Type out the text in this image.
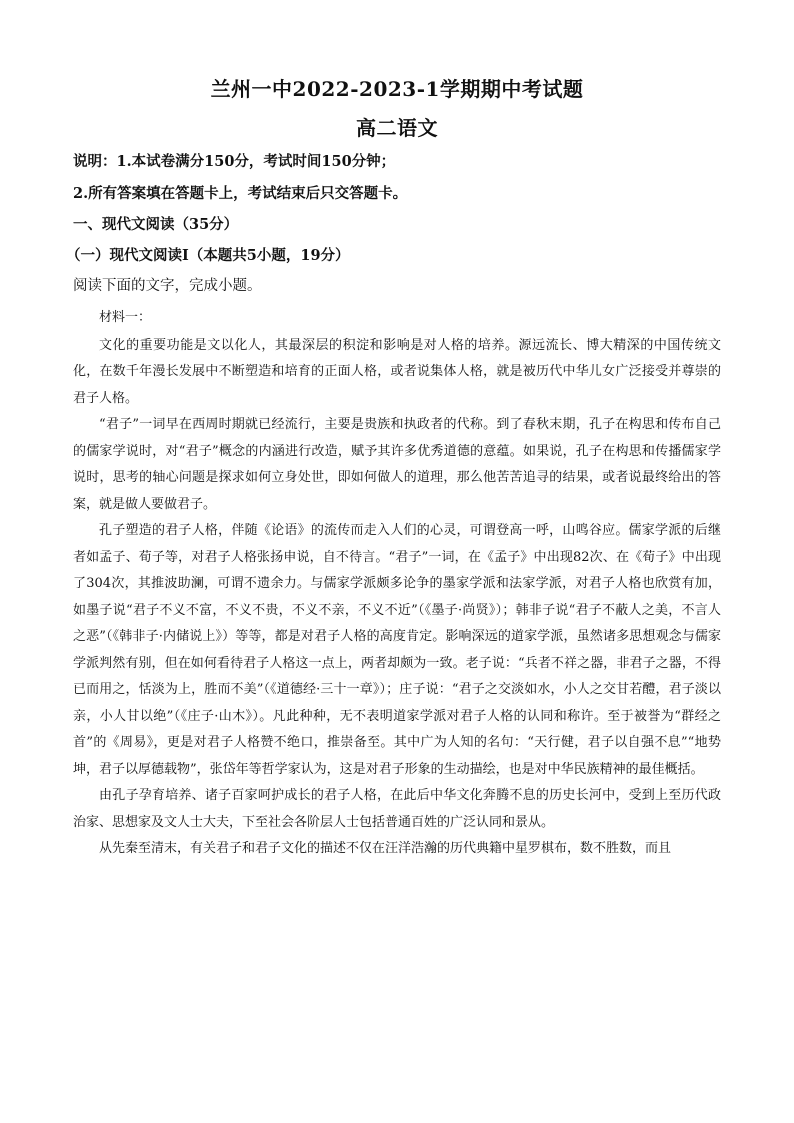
兰州一中2022-2023-1学期期中考试题
高二语文
说明：1.本试卷满分150分，考试时间150分钟；
2.所有答案填在答题卡上，考试结束后只交答题卡。
一、现代文阅读（35分）
（一）现代文阅读Ⅰ（本题共5小题，19分）
阅读下面的文字，完成小题。

材料一：

文化的重要功能是文以化人，其最深层的积淀和影响是对人格的培养。源远流长、博大精深的中国传统文化，在数千年漫长发展中不断塑造和培育的正面人格，或者说集体人格，就是被历代中华儿女广泛接受并尊崇的君子人格。

“君子”一词早在西周时期就已经流行，主要是贵族和执政者的代称。到了春秋末期，孔子在构思和传布自己的儒家学说时，对“君子”概念的内涵进行改造，赋予其许多优秀道德的意蕴。如果说，孔子在构思和传播儒家学说时，思考的轴心问题是探求如何立身处世，即如何做人的道理，那么他苦苦追寻的结果，或者说最终给出的答案，就是做人要做君子。

孔子塑造的君子人格，伴随《论语》的流传而走入人们的心灵，可谓登高一呼，山鸣谷应。儒家学派的后继者如孟子、荀子等，对君子人格张扬申说，自不待言。“君子”一词，在《孟子》中出现82次、在《荀子》中出现了304次，其推波助澜，可谓不遗余力。与儒家学派颇多论争的墨家学派和法家学派，对君子人格也欣赏有加，如墨子说“君子不义不富，不义不贵，不义不亲，不义不近”（《墨子·尚贤》）；韩非子说“君子不蔽人之美，不言人之恶”（《韩非子·内储说上》）等等，都是对君子人格的高度肯定。影响深远的道家学派，虽然诸多思想观念与儒家学派判然有别，但在如何看待君子人格这一点上，两者却颇为一致。老子说：“兵者不祥之器，非君子之器，不得已而用之，恬淡为上，胜而不美”（《道德经·三十一章》）；庄子说：“君子之交淡如水，小人之交甘若醴，君子淡以亲，小人甘以绝”（《庄子·山木》）。凡此种种，无不表明道家学派对君子人格的认同和称许。至于被誉为“群经之首”的《周易》，更是对君子人格赞不绝口，推崇备至。其中广为人知的名句：“天行健，君子以自强不息”“地势坤，君子以厚德载物”，张岱年等哲学家认为，这是对君子形象的生动描绘，也是对中华民族精神的最佳概括。

由孔子孕育培养、诸子百家呵护成长的君子人格，在此后中华文化奔腾不息的历史长河中，受到上至历代政治家、思想家及文人士大夫，下至社会各阶层人士包括普通百姓的广泛认同和景从。

从先秦至清末，有关君子和君子文化的描述不仅在汪洋浩瀚的历代典籍中星罗棋布，数不胜数，而且
